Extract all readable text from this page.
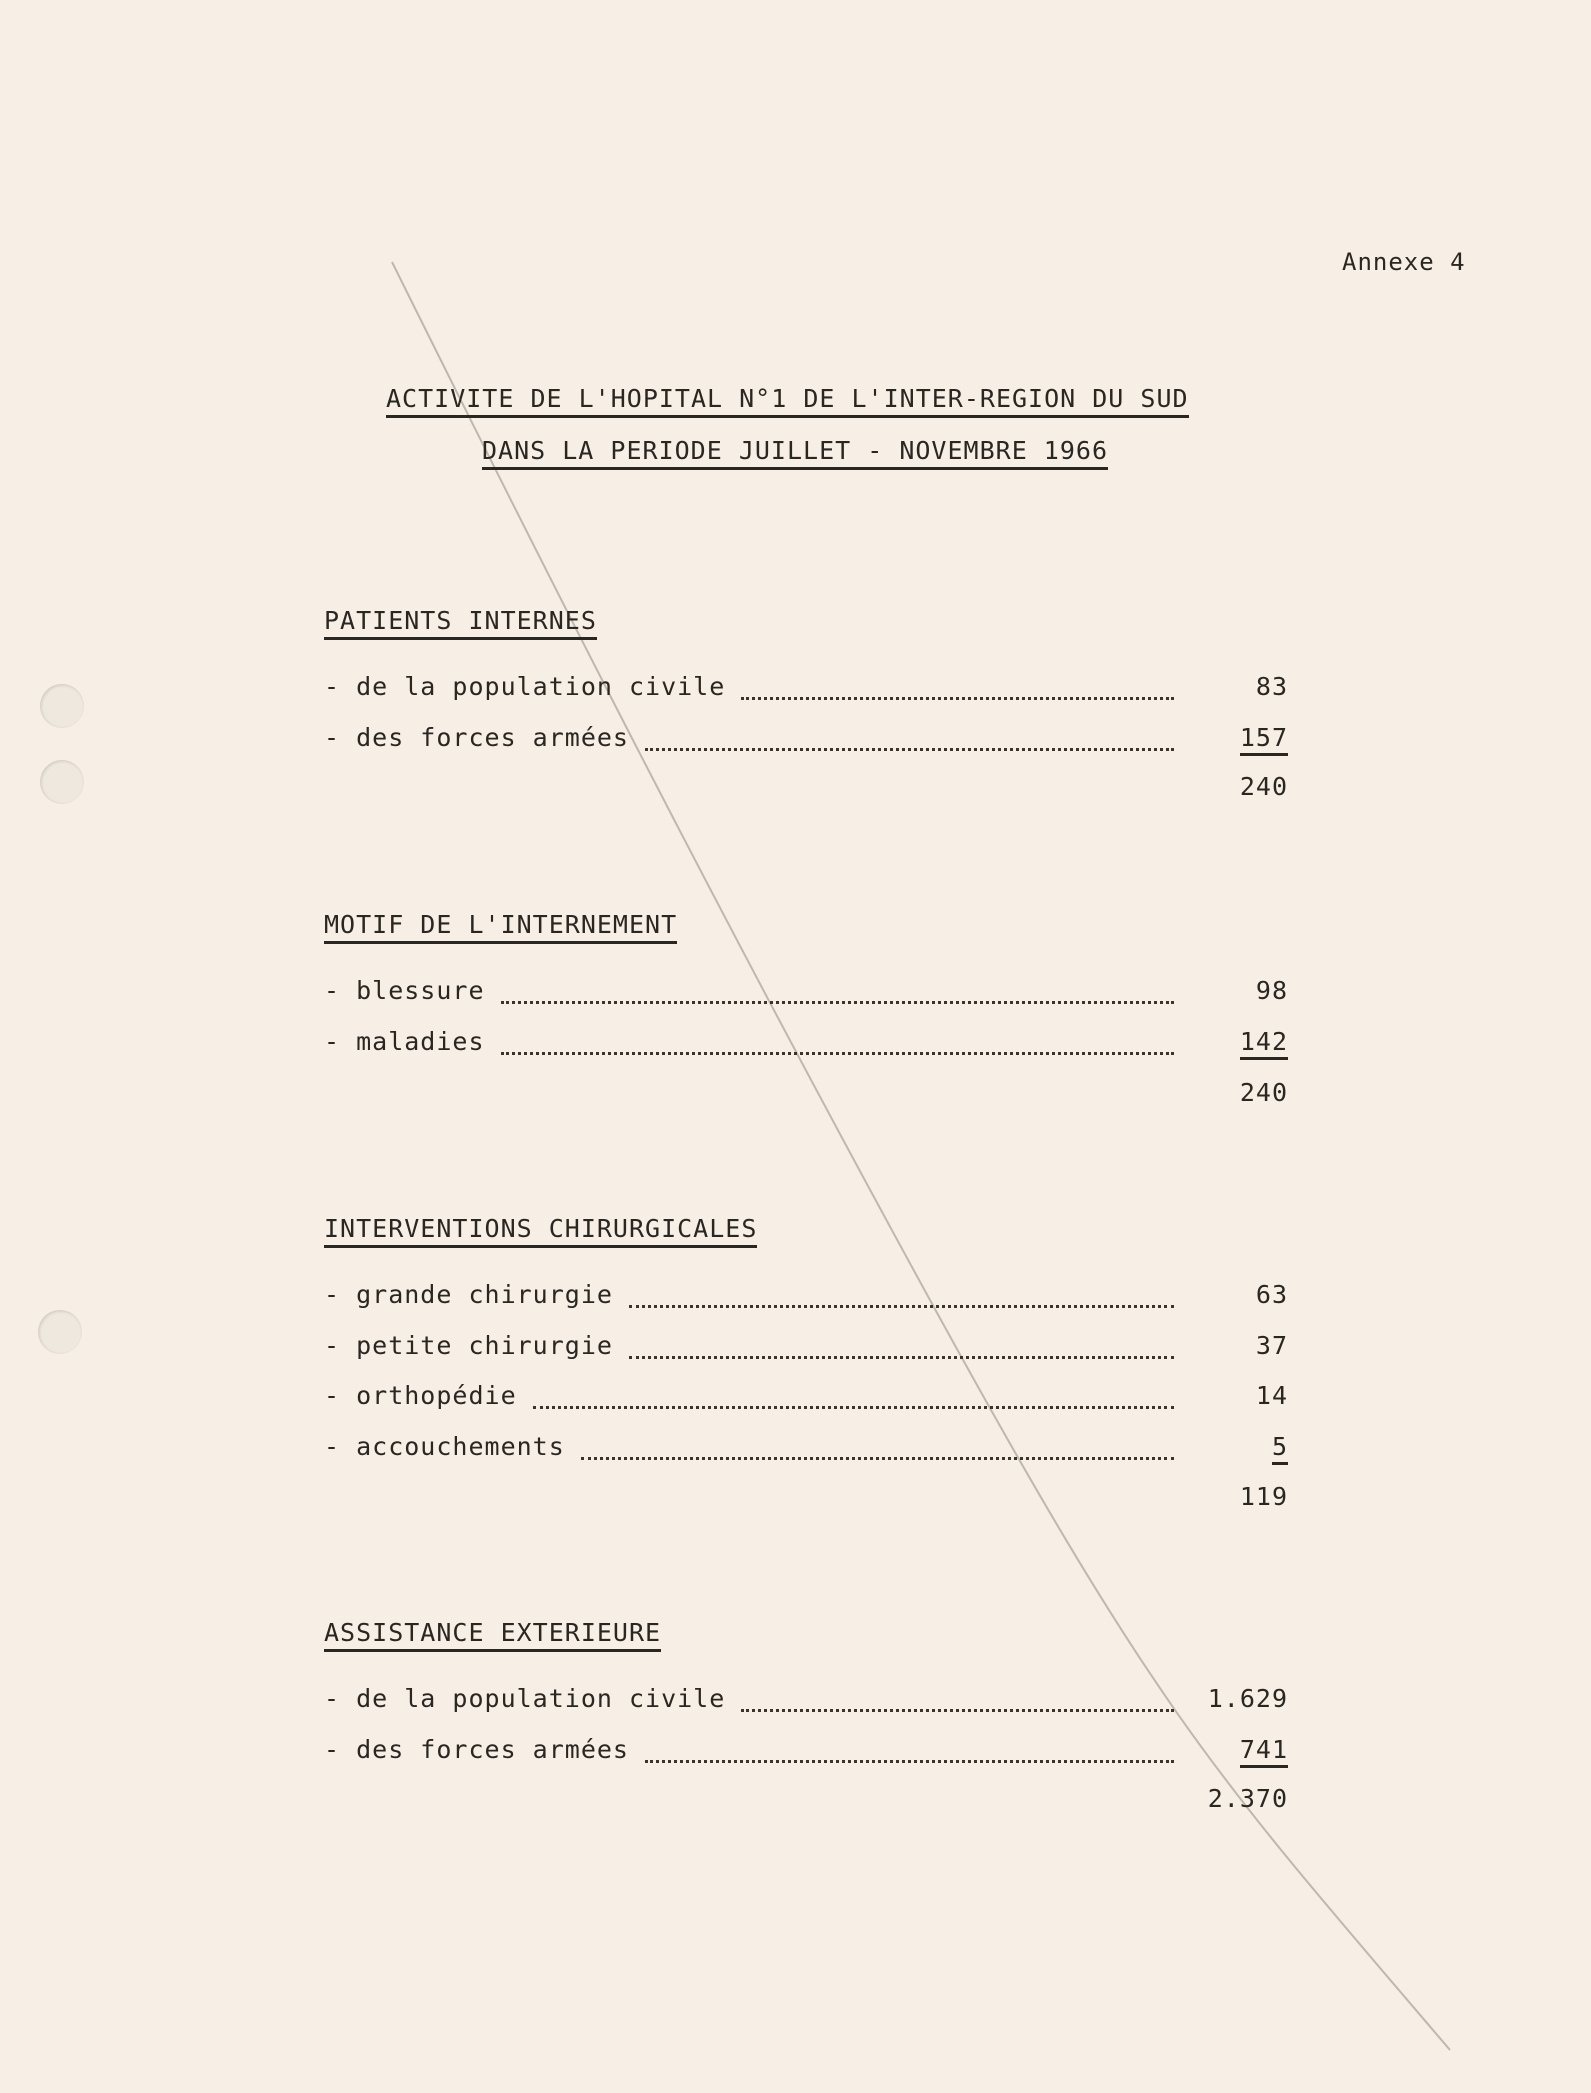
Annexe 4
ACTIVITE DE L'HOPITAL N°1 DE L'INTER-REGION DU SUD
DANS LA PERIODE JUILLET - NOVEMBRE 1966
PATIENTS INTERNES
- de la population civile	83
- des forces armées	157
240
MOTIF DE L'INTERNEMENT
- blessure	98
- maladies	142
240
INTERVENTIONS CHIRURGICALES
- grande chirurgie	63
- petite chirurgie	37
- orthopédie	14
- accouchements	5
119
ASSISTANCE EXTERIEURE
- de la population civile	1.629
- des forces armées	741
2.370
